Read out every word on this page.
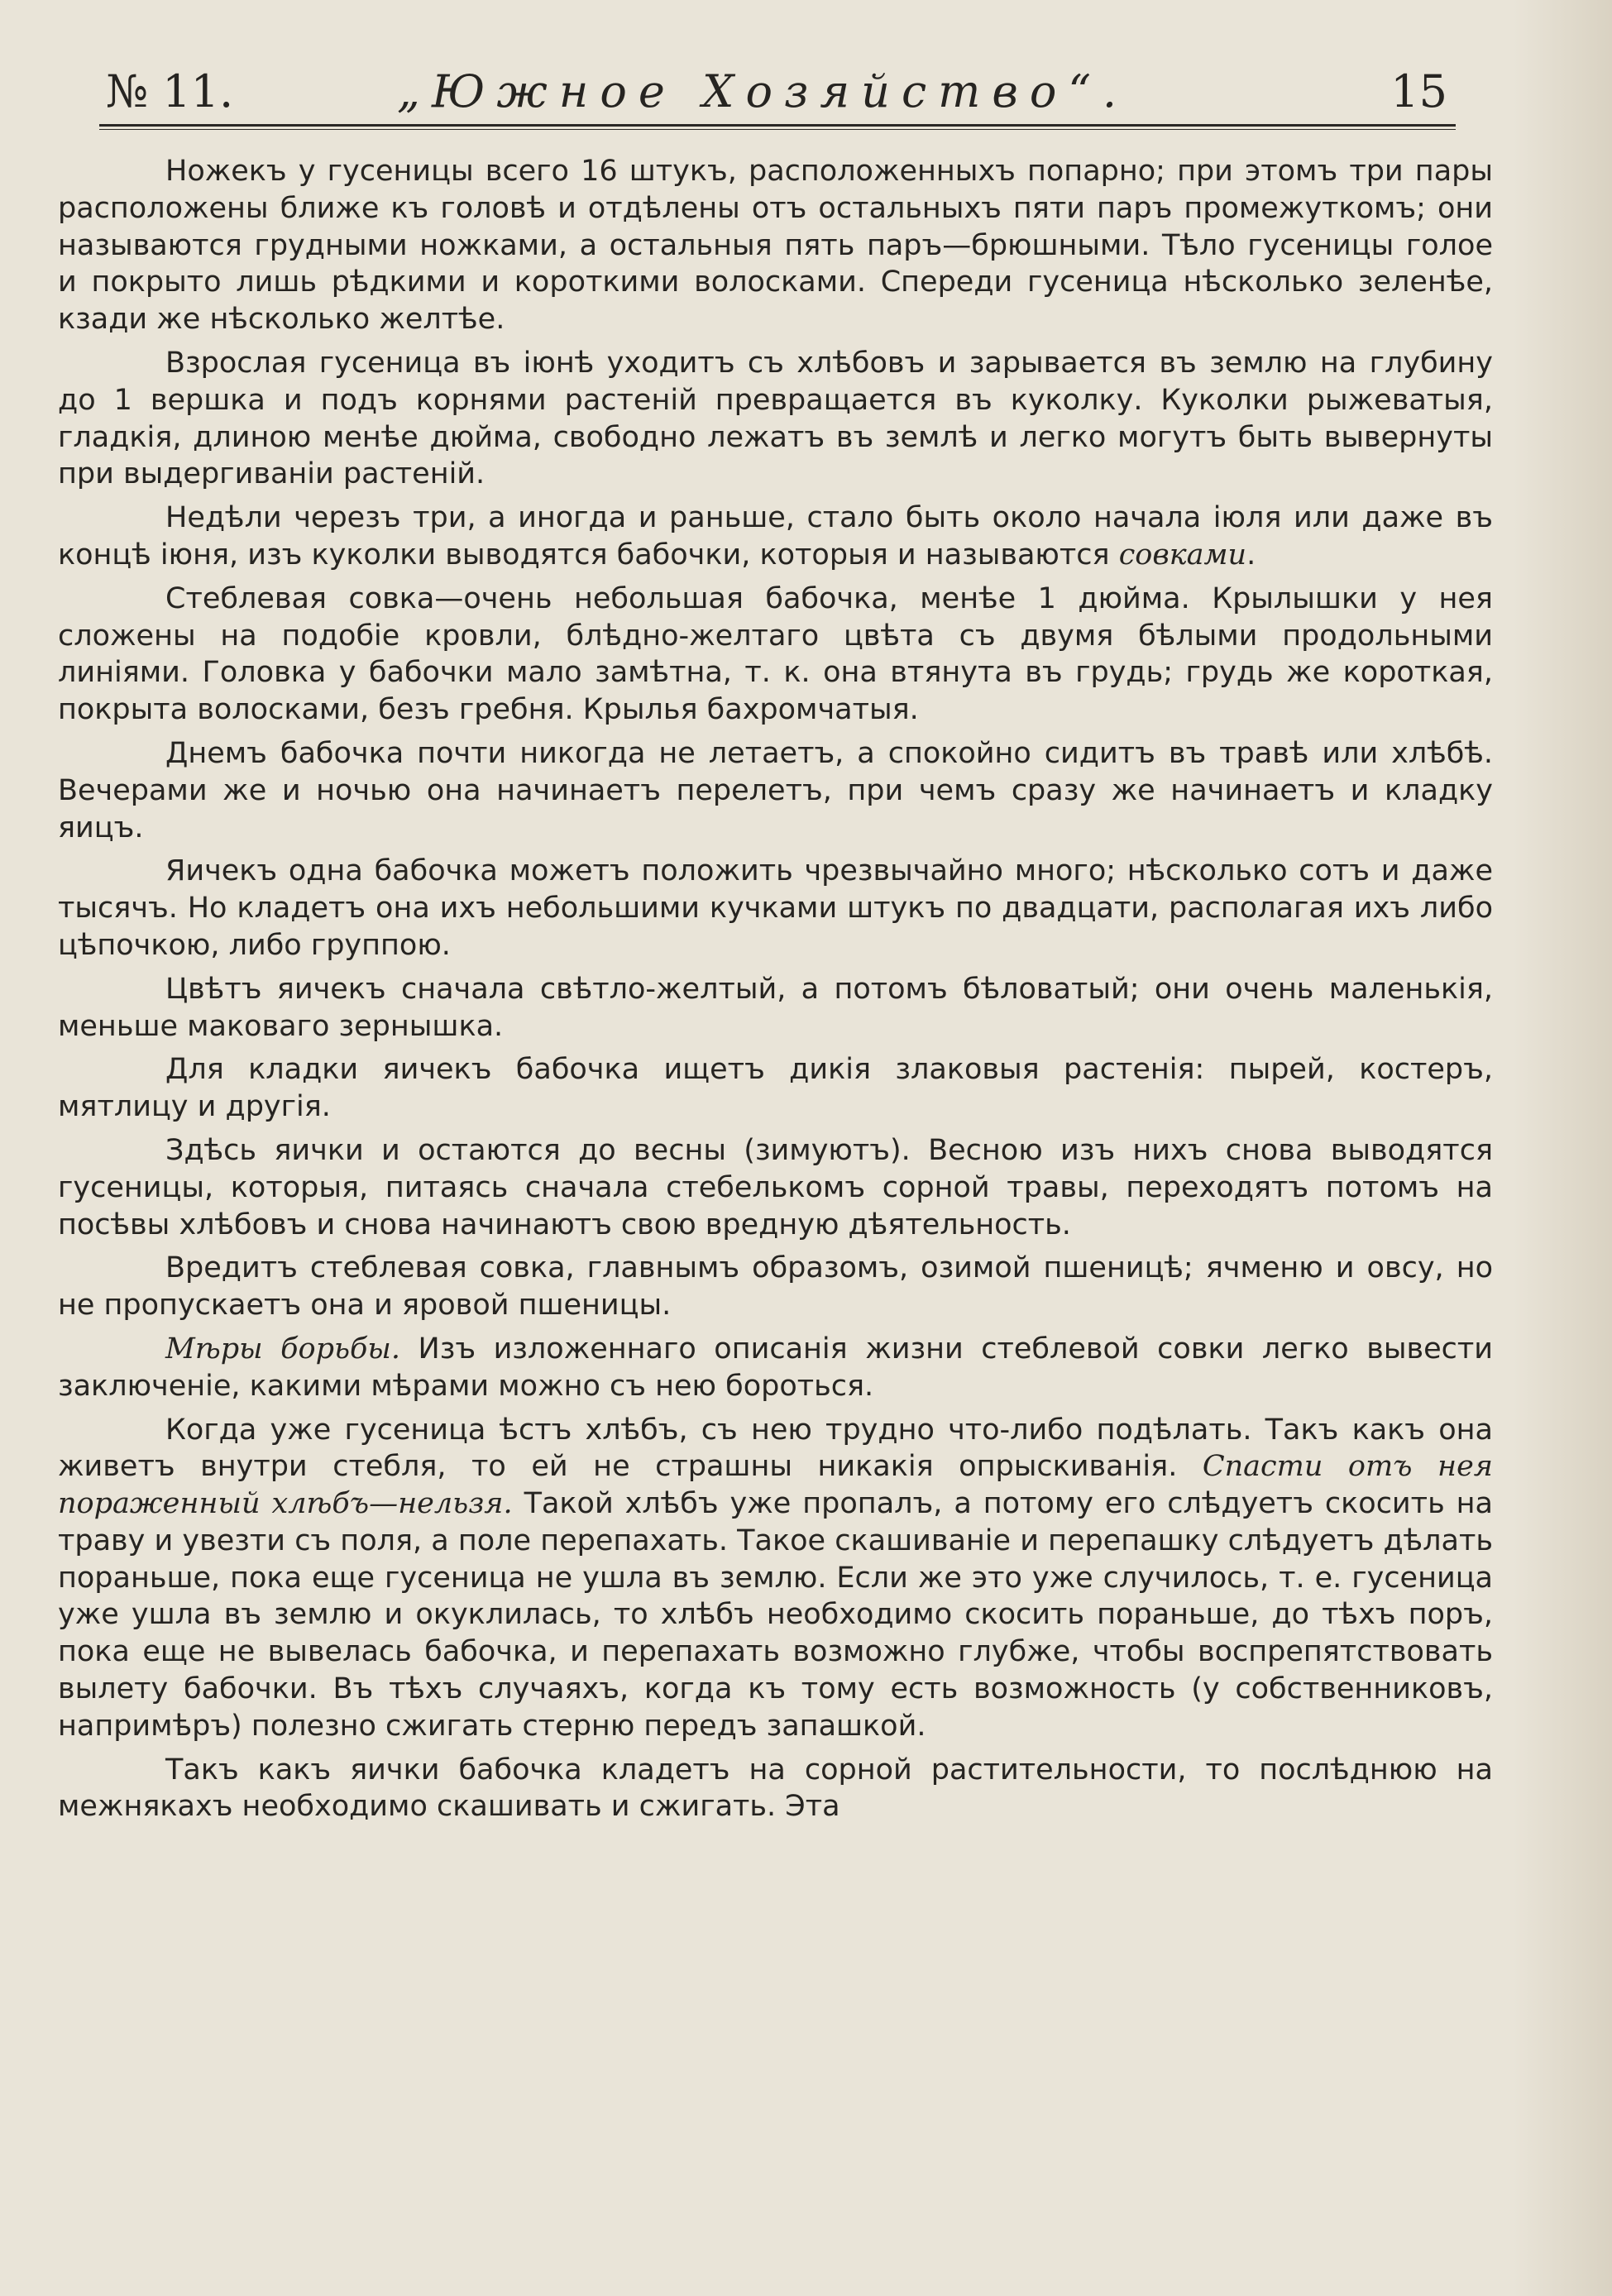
№ 11.	„Южное Хозяйство“.	15

Ножекъ у гусеницы всего 16 штукъ, расположенныхъ попарно; при этомъ три пары расположены ближе къ головѣ и отдѣлены отъ остальныхъ пяти паръ промежуткомъ; они называются грудными ножками, а остальныя пять паръ—брюшными. Тѣло гусеницы голое и покрыто лишь рѣдкими и короткими волосками. Спереди гусеница нѣсколько зеленѣе, кзади же нѣсколько желтѣе.

Взрослая гусеница въ іюнѣ уходитъ съ хлѣбовъ и зарывается въ землю на глубину до 1 вершка и подъ корнями растеній превращается въ куколку. Куколки рыжеватыя, гладкія, длиною менѣе дюйма, свободно лежатъ въ землѣ и легко могутъ быть вывернуты при выдергиваніи растеній.

Недѣли черезъ три, а иногда и раньше, стало быть около начала іюля или даже въ концѣ іюня, изъ куколки выводятся бабочки, которыя и называются совками.

Стеблевая совка—очень небольшая бабочка, менѣе 1 дюйма. Крылышки у нея сложены на подобіе кровли, блѣдно-желтаго цвѣта съ двумя бѣлыми продольными линіями. Головка у бабочки мало замѣтна, т. к. она втянута въ грудь; грудь же короткая, покрыта волосками, безъ гребня. Крылья бахромчатыя.

Днемъ бабочка почти никогда не летаетъ, а спокойно сидитъ въ травѣ или хлѣбѣ. Вечерами же и ночью она начинаетъ перелетъ, при чемъ сразу же начинаетъ и кладку яицъ.

Яичекъ одна бабочка можетъ положить чрезвычайно много; нѣсколько сотъ и даже тысячъ. Но кладетъ она ихъ небольшими кучками штукъ по двадцати, располагая ихъ либо цѣпочкою, либо группою.

Цвѣтъ яичекъ сначала свѣтло-желтый, а потомъ бѣловатый; они очень маленькія, меньше маковаго зернышка.

Для кладки яичекъ бабочка ищетъ дикія злаковыя растенія: пырей, костеръ, мятлицу и другія.

Здѣсь яички и остаются до весны (зимуютъ). Весною изъ нихъ снова выводятся гусеницы, которыя, питаясь сначала стебелькомъ сорной травы, переходятъ потомъ на посѣвы хлѣбовъ и снова начинаютъ свою вредную дѣятельность.

Вредитъ стеблевая совка, главнымъ образомъ, озимой пшеницѣ; ячменю и овсу, но не пропускаетъ она и яровой пшеницы.

Мѣры борьбы. Изъ изложеннаго описанія жизни стеблевой совки легко вывести заключеніе, какими мѣрами можно съ нею бороться.

Когда уже гусеница ѣстъ хлѣбъ, съ нею трудно что-либо подѣлать. Такъ какъ она живетъ внутри стебля, то ей не страшны никакія опрыскиванія. Спасти отъ нея пораженный хлѣбъ—нельзя. Такой хлѣбъ уже пропалъ, а потому его слѣдуетъ скосить на траву и увезти съ поля, а поле перепахать. Такое скашиваніе и перепашку слѣдуетъ дѣлать пораньше, пока еще гусеница не ушла въ землю. Если же это уже случилось, т. е. гусеница уже ушла въ землю и окуклилась, то хлѣбъ необходимо скосить пораньше, до тѣхъ поръ, пока еще не вывелась бабочка, и перепахать возможно глубже, чтобы воспрепятствовать вылету бабочки. Въ тѣхъ случаяхъ, когда къ тому есть возможность (у собственниковъ, напримѣръ) полезно сжигать стерню передъ запашкой.

Такъ какъ яички бабочка кладетъ на сорной растительности, то послѣднюю на межнякахъ необходимо скашивать и сжигать. Эта
